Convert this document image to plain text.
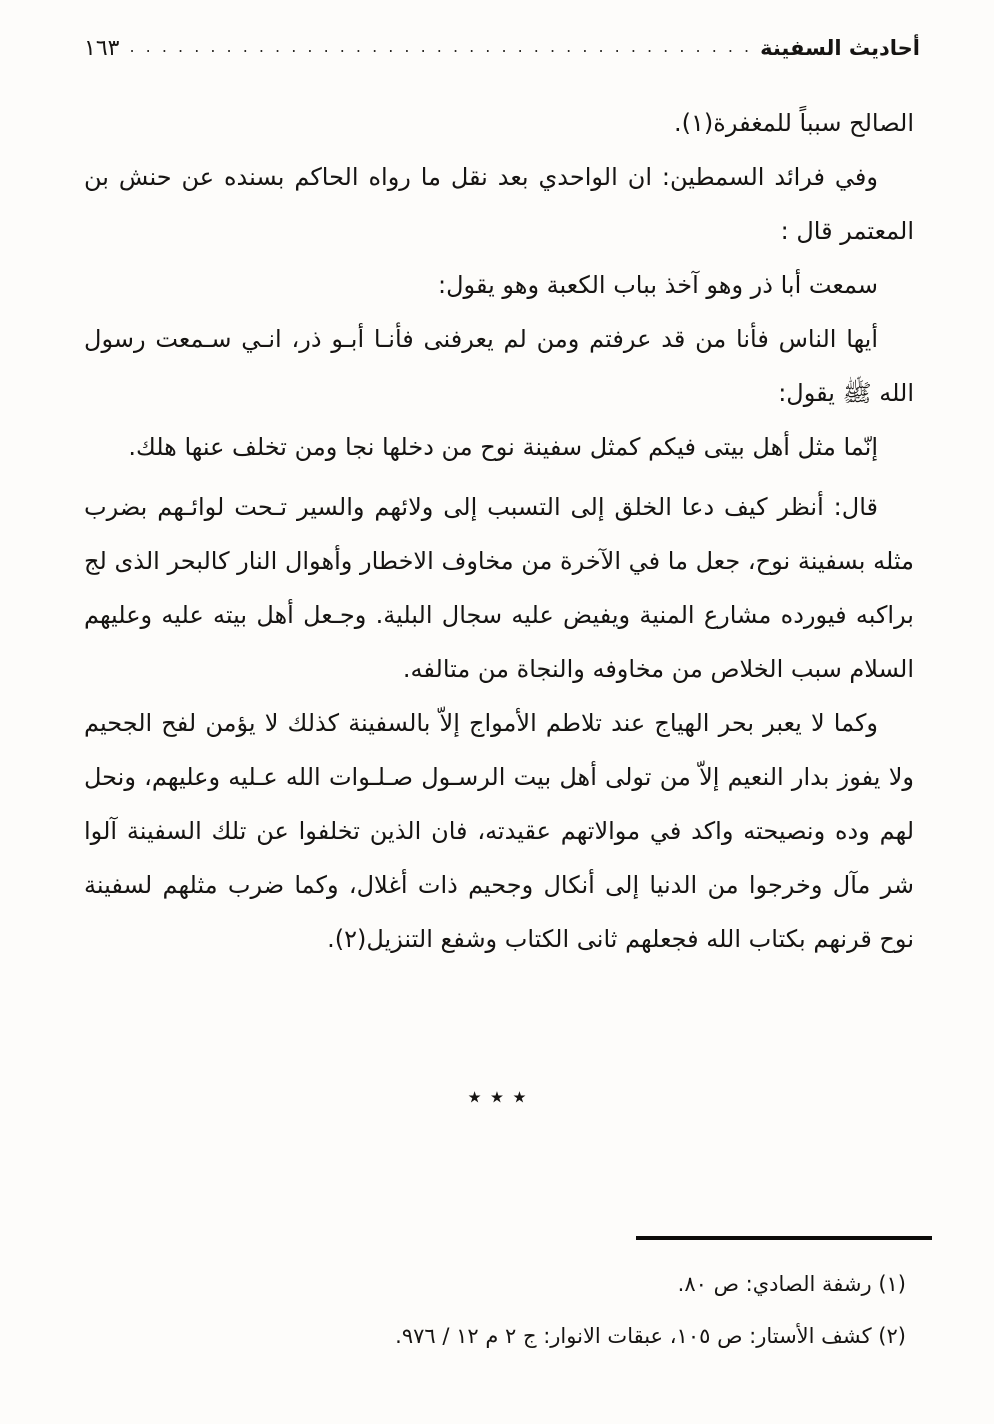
أحاديث السفينة
. . .
١٦٣

الصالح سبباً للمغفرة(١).

وفي فرائد السمطين: ان الواحدي بعد نقل ما رواه الحاكم بسنده عن حنش بن المعتمر قال :

سمعت أبا ذر وهو آخذ بباب الكعبة وهو يقول:

أيها الناس فأنا من قد عرفتم ومن لم يعرفنى فأنـا أبـو ذر، انـي سـمعت رسول الله ﷺ يقول:

إنّما مثل أهل بيتى فيكم كمثل سفينة نوح من دخلها نجا ومن تخلف عنها هلك.

قال: أنظر كيف دعا الخلق إلى التسبب إلى ولائهم والسير تـحت لوائـهم بضرب مثله بسفينة نوح، جعل ما في الآخرة من مخاوف الاخطار وأهوال النار كالبحر الذى لج براكبه فيورده مشارع المنية ويفيض عليه سجال البلية. وجـعل أهل بيته عليه وعليهم السلام سبب الخلاص من مخاوفه والنجاة من متالفه.

وكما لا يعبر بحر الهياج عند تلاطم الأمواج إلاّ بالسفينة كذلك لا يؤمن لفح الجحيم ولا يفوز بدار النعيم إلاّ من تولى أهل بيت الرسـول صـلـوات الله عـليه وعليهم، ونحل لهم وده ونصيحته واكد في موالاتهم عقيدته، فان الذين تخلفوا عن تلك السفينة آلوا شر مآل وخرجوا من الدنيا إلى أنكال وجحيم ذات أغلال، وكما ضرب مثلهم لسفينة نوح قرنهم بكتاب الله فجعلهم ثانى الكتاب وشفع التنزيل(٢).

٭ ٭ ٭

(١) رشفة الصادي: ص ٨٠.

(٢) كشف الأستار: ص ١٠٥، عبقات الانوار: ج ٢ م ١٢ / ٩٧٦.
